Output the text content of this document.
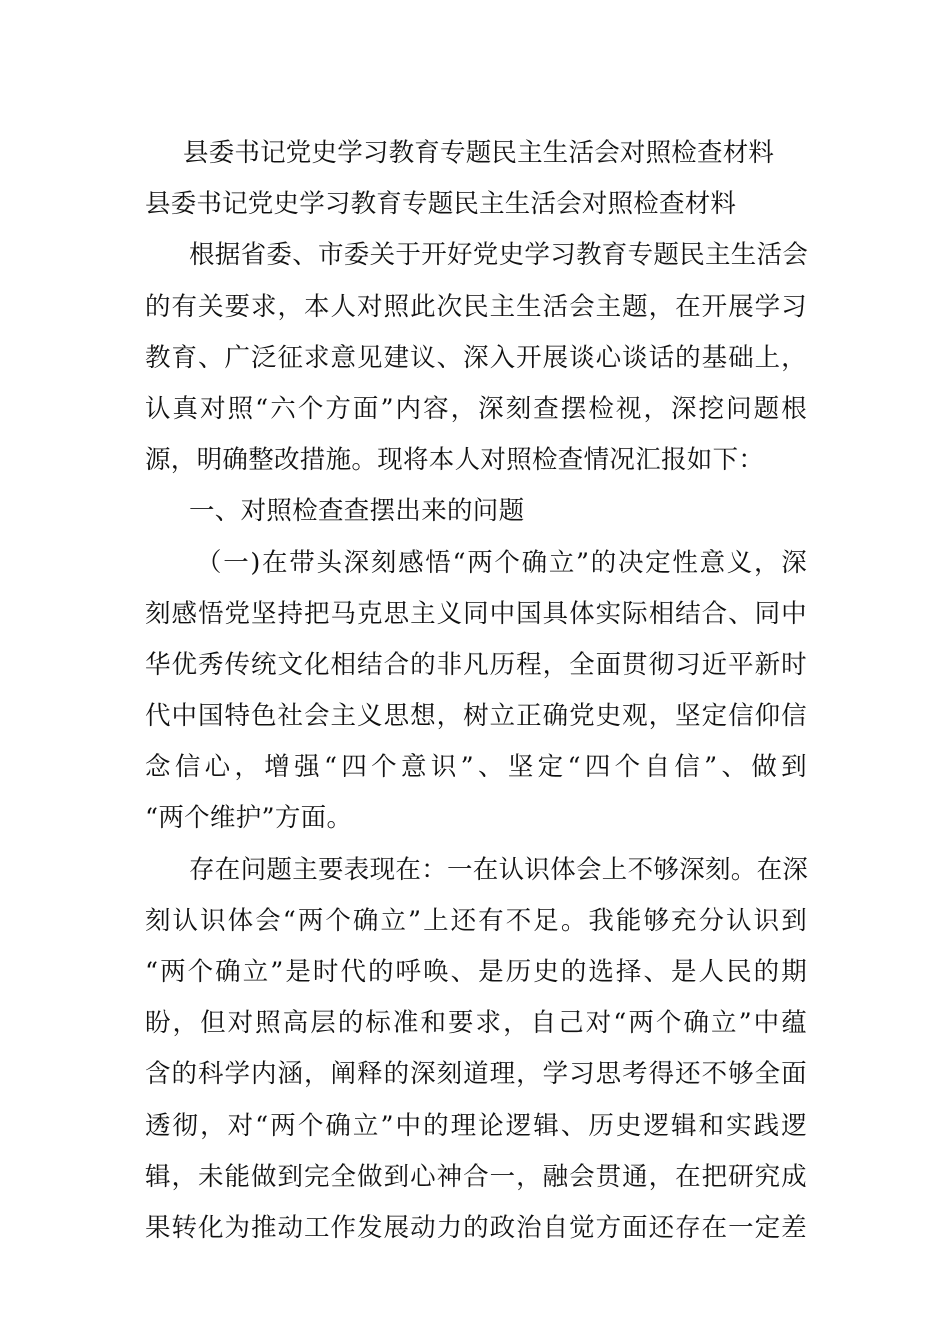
县委书记党史学习教育专题民主生活会对照检查材料
县委书记党史学习教育专题民主生活会对照检查材料
根据省委、市委关于开好党史学习教育专题民主生活会
的有关要求，本人对照此次民主生活会主题，在开展学习
教育、广泛征求意见建议、深入开展谈心谈话的基础上，
认真对照“六个方面”内容，深刻查摆检视，深挖问题根
源，明确整改措施。现将本人对照检查情况汇报如下：
一、对照检查查摆出来的问题
（一)在带头深刻感悟“两个确立”的决定性意义，深
刻感悟党坚持把马克思主义同中国具体实际相结合、同中
华优秀传统文化相结合的非凡历程，全面贯彻习近平新时
代中国特色社会主义思想，树立正确党史观，坚定信仰信
念信心，增强“四个意识”、坚定“四个自信”、做到
“两个维护”方面。
存在问题主要表现在：一在认识体会上不够深刻。在深
刻认识体会“两个确立”上还有不足。我能够充分认识到
“两个确立”是时代的呼唤、是历史的选择、是人民的期
盼，但对照高层的标准和要求，自己对“两个确立”中蕴
含的科学内涵，阐释的深刻道理，学习思考得还不够全面
透彻，对“两个确立”中的理论逻辑、历史逻辑和实践逻
辑，未能做到完全做到心神合一，融会贯通，在把研究成
果转化为推动工作发展动力的政治自觉方面还存在一定差
